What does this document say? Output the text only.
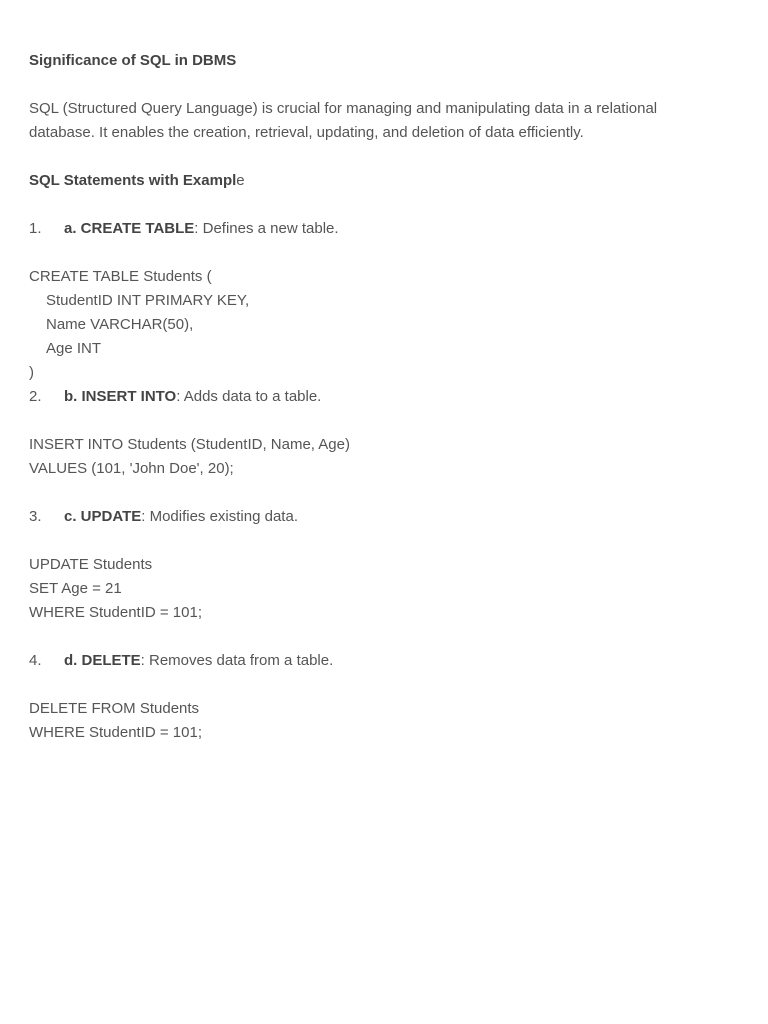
Significance of SQL in DBMS

SQL (Structured Query Language) is crucial for managing and manipulating data in a relational

database. It enables the creation, retrieval, updating, and deletion of data efficiently.

SQL Statements with Example

1.	a. CREATE TABLE: Defines a new table.

CREATE TABLE Students (

StudentID INT PRIMARY KEY,

Name VARCHAR(50),

Age INT

)

2.	b. INSERT INTO: Adds data to a table.

INSERT INTO Students (StudentID, Name, Age)

VALUES (101, 'John Doe', 20);

3.	c. UPDATE: Modifies existing data.

UPDATE Students

SET Age = 21

WHERE StudentID = 101;

4.	d. DELETE: Removes data from a table.

DELETE FROM Students

WHERE StudentID = 101;
